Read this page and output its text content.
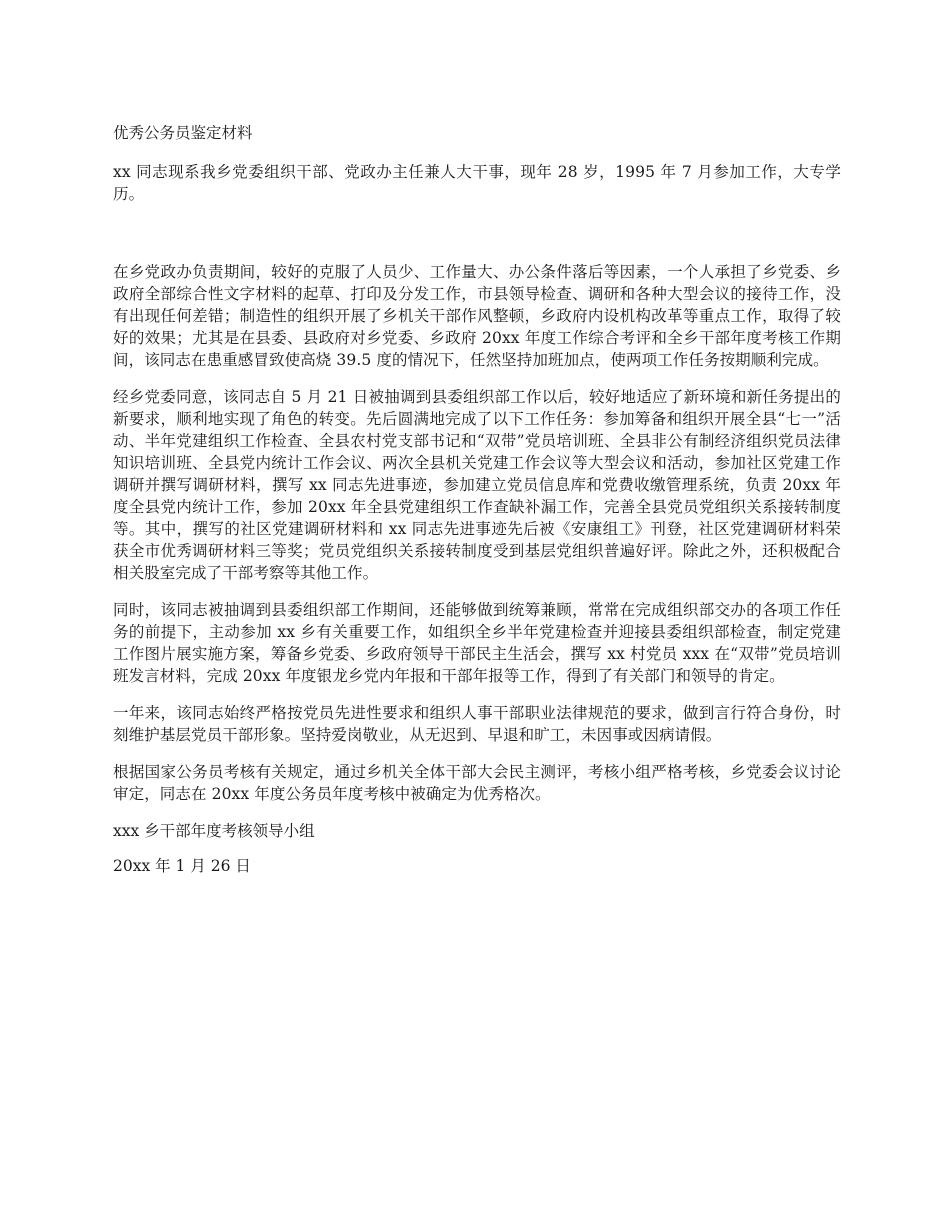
优秀公务员鉴定材料

xx 同志现系我乡党委组织干部、党政办主任兼人大干事，现年 28 岁，1995 年 7 月参加工作，大专学历。

在乡党政办负责期间，较好的克服了人员少、工作量大、办公条件落后等因素，一个人承担了乡党委、乡政府全部综合性文字材料的起草、打印及分发工作，市县领导检查、调研和各种大型会议的接待工作，没有出现任何差错；制造性的组织开展了乡机关干部作风整顿，乡政府内设机构改革等重点工作，取得了较好的效果；尤其是在县委、县政府对乡党委、乡政府 20xx 年度工作综合考评和全乡干部年度考核工作期间，该同志在患重感冒致使高烧 39.5 度的情况下，任然坚持加班加点，使两项工作任务按期顺利完成。

经乡党委同意，该同志自 5 月 21 日被抽调到县委组织部工作以后，较好地适应了新环境和新任务提出的新要求，顺利地实现了角色的转变。先后圆满地完成了以下工作任务：参加筹备和组织开展全县“七一”活动、半年党建组织工作检查、全县农村党支部书记和“双带”党员培训班、全县非公有制经济组织党员法律知识培训班、全县党内统计工作会议、两次全县机关党建工作会议等大型会议和活动，参加社区党建工作调研并撰写调研材料，撰写 xx 同志先进事迹，参加建立党员信息库和党费收缴管理系统，负责 20xx 年度全县党内统计工作，参加 20xx 年全县党建组织工作查缺补漏工作，完善全县党员党组织关系接转制度等。其中，撰写的社区党建调研材料和 xx 同志先进事迹先后被《安康组工》刊登，社区党建调研材料荣获全市优秀调研材料三等奖；党员党组织关系接转制度受到基层党组织普遍好评。除此之外，还积极配合相关股室完成了干部考察等其他工作。

同时，该同志被抽调到县委组织部工作期间，还能够做到统筹兼顾，常常在完成组织部交办的各项工作任务的前提下，主动参加 xx 乡有关重要工作，如组织全乡半年党建检查并迎接县委组织部检查，制定党建工作图片展实施方案，筹备乡党委、乡政府领导干部民主生活会，撰写 xx 村党员 xxx 在“双带”党员培训班发言材料，完成 20xx 年度银龙乡党内年报和干部年报等工作，得到了有关部门和领导的肯定。

一年来，该同志始终严格按党员先进性要求和组织人事干部职业法律规范的要求，做到言行符合身份，时刻维护基层党员干部形象。坚持爱岗敬业，从无迟到、早退和旷工，未因事或因病请假。

根据国家公务员考核有关规定，通过乡机关全体干部大会民主测评，考核小组严格考核，乡党委会议讨论审定，同志在 20xx 年度公务员年度考核中被确定为优秀格次。

xxx 乡干部年度考核领导小组
20xx 年 1 月 26 日
